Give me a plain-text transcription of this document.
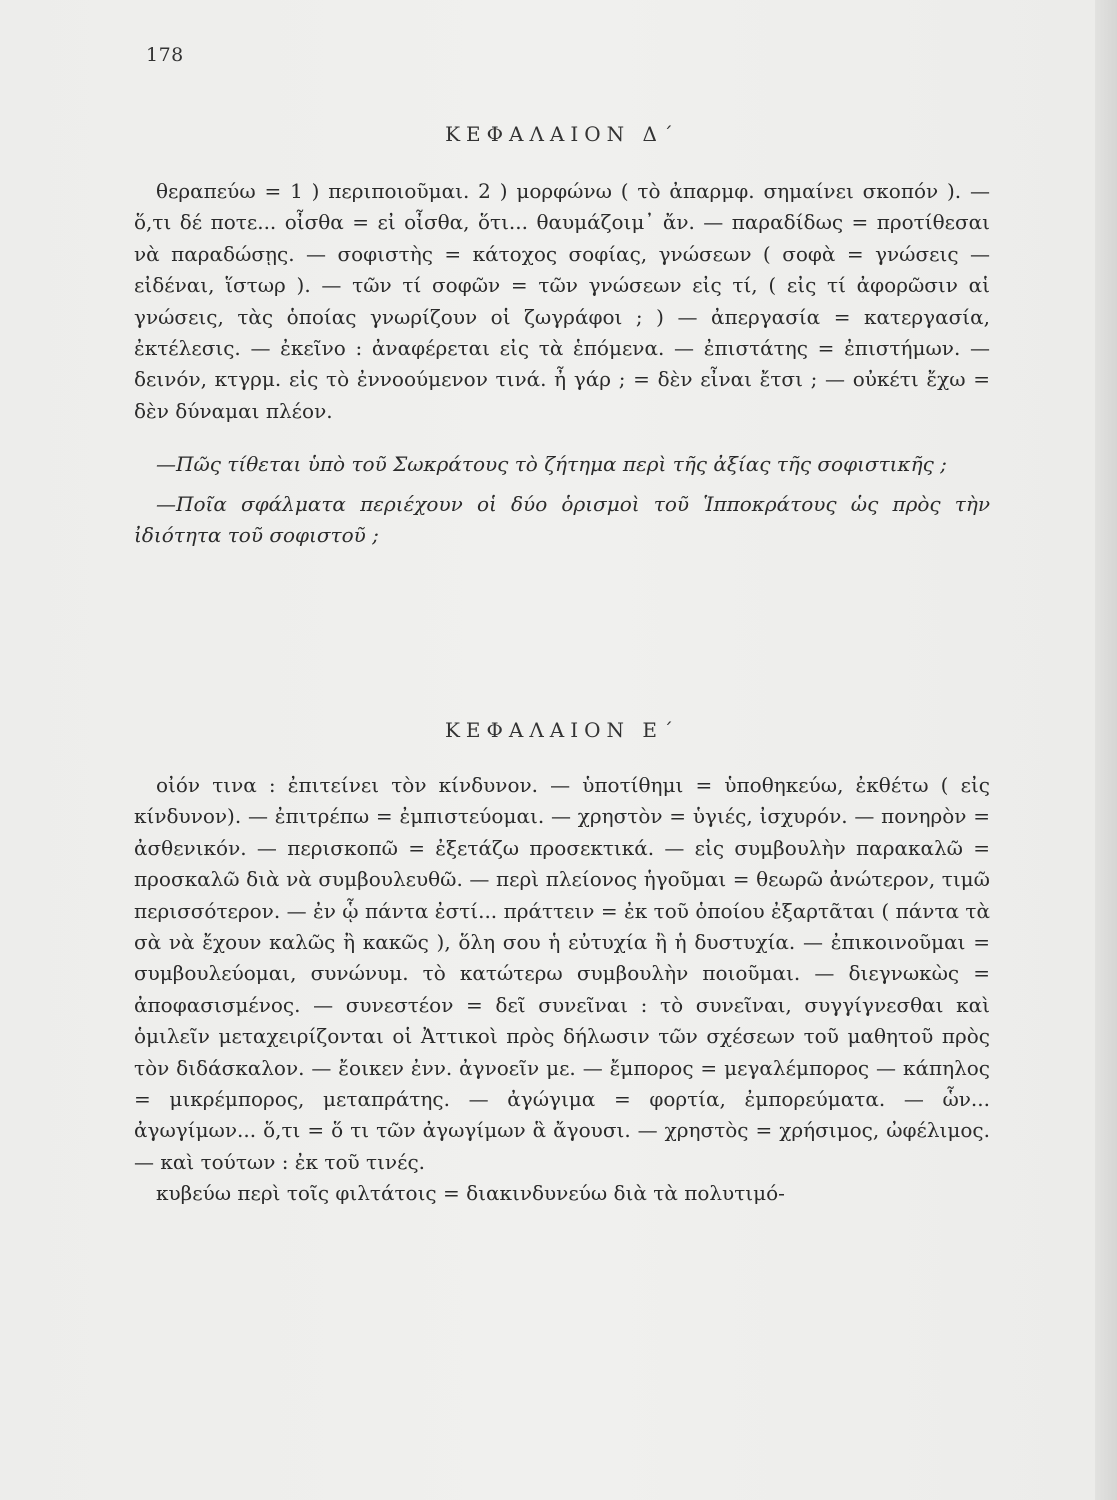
178
ΚΕΦΑΛΑΙΟΝ Δ΄

θεραπεύω = 1 ) περιποιοῦμαι. 2 ) μορφώνω ( τὸ ἀπαρμφ. σημαίνει σκοπόν ). — ὅ,τι δέ ποτε... οἶσθα = εἰ οἶσθα, ὅτι... θαυμάζοιμ᾽ ἄν. — παραδίδως = προτίθεσαι νὰ παραδώσῃς. — σοφιστὴς = κάτοχος σοφίας, γνώσεων ( σοφὰ = γνώσεις — εἰδέναι, ἵστωρ ). — τῶν τί σοφῶν = τῶν γνώσεων εἰς τί, ( εἰς τί ἀφορῶσιν αἱ γνώσεις, τὰς ὁποίας γνωρίζουν οἱ ζωγράφοι ; ) — ἀπεργασία = κατεργασία, ἐκτέλεσις. — ἐκεῖνο : ἀναφέρεται εἰς τὰ ἑπόμενα. — ἐπιστάτης = ἐπιστήμων. — δεινόν, κτγρμ. εἰς τὸ ἐννοούμενον τινά. ἦ γάρ ; = δὲν εἶναι ἔτσι ; — οὐκέτι ἔχω = δὲν δύναμαι πλέον.

—Πῶς τίθεται ὑπὸ τοῦ Σωκράτους τὸ ζήτημα περὶ τῆς ἀξίας τῆς σοφιστικῆς ;

—Ποῖα σφάλματα περιέχουν οἱ δύο ὁρισμοὶ τοῦ Ἱπποκράτους ὡς πρὸς τὴν ἰδιότητα τοῦ σοφιστοῦ ;

ΚΕΦΑΛΑΙΟΝ Ε΄

οἰόν τινα : ἐπιτείνει τὸν κίνδυνον. — ὑποτίθημι = ὑποθηκεύω, ἐκθέτω ( εἰς κίνδυνον). — ἐπιτρέπω = ἐμπιστεύομαι. — χρηστὸν = ὑγιές, ἰσχυρόν. — πονηρὸν = ἀσθενικόν. — περισκοπῶ = ἐξετάζω προσεκτικά. — εἰς συμβουλὴν παρακαλῶ = προσκαλῶ διὰ νὰ συμβουλευθῶ. — περὶ πλείονος ἡγοῦμαι = θεωρῶ ἀνώτερον, τιμῶ περισσότερον. — ἐν ᾧ πάντα ἐστί... πράττειν = ἐκ τοῦ ὁποίου ἐξαρτᾶται ( πάντα τὰ σὰ νὰ ἔχουν καλῶς ἢ κακῶς ), ὅλη σου ἡ εὐτυχία ἢ ἡ δυστυχία. — ἐπικοινοῦμαι = συμβουλεύομαι, συνώνυμ. τὸ κατώτερω συμβουλὴν ποιοῦμαι. — διεγνωκὼς = ἀποφασισμένος. — συνεστέον = δεῖ συνεῖναι : τὸ συνεῖναι, συγγίγνεσθαι καὶ ὁμιλεῖν μεταχειρίζονται οἱ Ἀττικοὶ πρὸς δήλωσιν τῶν σχέσεων τοῦ μαθητοῦ πρὸς τὸν διδάσκαλον. — ἔοικεν ἐνν. ἀγνοεῖν με. — ἔμπορος = μεγαλέμπορος — κάπηλος = μικρέμπορος, μεταπράτης. — ἀγώγιμα = φορτία, ἐμπορεύματα. — ὧν... ἀγωγίμων... ὅ,τι = ὅ τι τῶν ἀγωγίμων ἃ ἄγουσι. — χρηστὸς = χρήσιμος, ὠφέλιμος. — καὶ τούτων : ἐκ τοῦ τινές.

κυβεύω περὶ τοῖς φιλτάτοις = διακινδυνεύω διὰ τὰ πολυτιμό-
